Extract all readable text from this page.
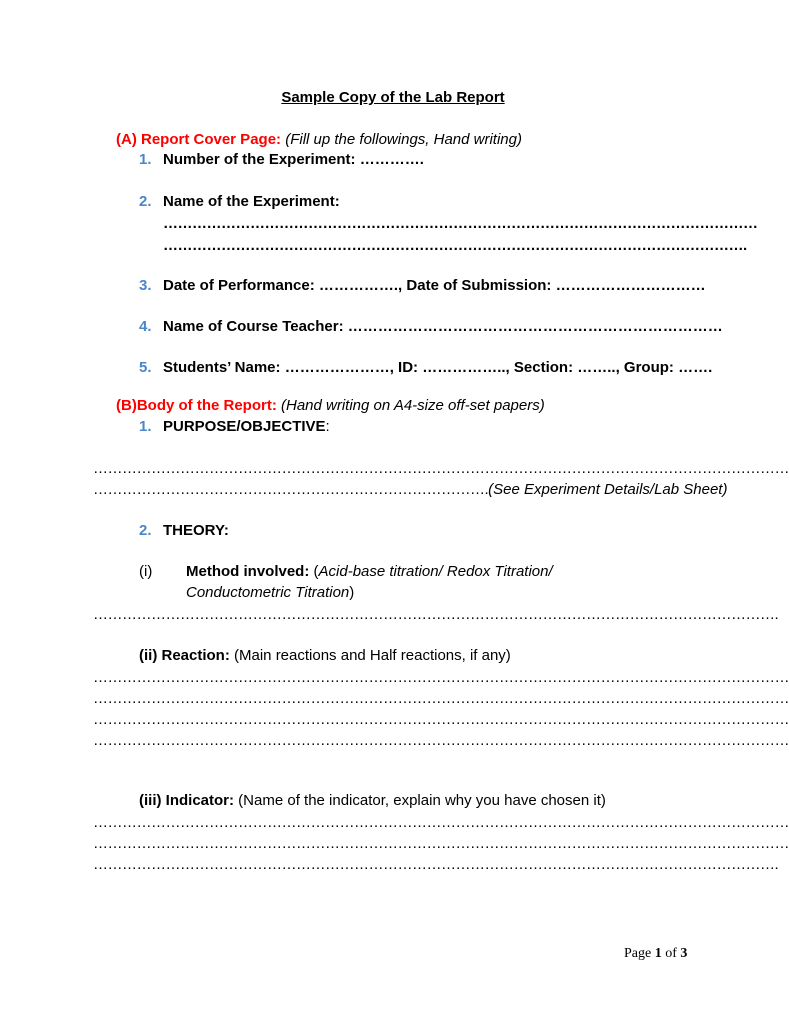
Sample Copy of the Lab Report
(A) Report Cover Page: (Fill up the followings, Hand writing)
1. Number of the Experiment: ………….
2. Name of the Experiment:
……………………………………………………………………………………………………………
………………………………………………………………………………………………………….
3. Date of Performance: ……………., Date of Submission: …………………………
4. Name of Course Teacher: …………………………………………………………………
5. Students’ Name: …………………, ID: …………….., Section: …….., Group: …….
(B)Body of the Report: (Hand writing on A4-size off-set papers)
1. PURPOSE/OBJECTIVE:
………………………………………………………………………………………………………………………………
……………………………………………………………………….(See Experiment Details/Lab Sheet)
2. THEORY:
(i) Method involved: (Acid-base titration/ Redox Titration/
Conductometric Titration)
…………………………………………………………………………………………………………………………….
(ii) Reaction: (Main reactions and Half reactions, if any)
………………………………………………………………………………………………………………………………
………………………………………………………………………………………………………………………………
………………………………………………………………………………………………………………………………
………………………………………………………………………………………………………………………………
(iii) Indicator: (Name of the indicator, explain why you have chosen it)
………………………………………………………………………………………………………………………………
………………………………………………………………………………………………………………………………
…………………………………………………………………………………………………………………………….
Page 1 of 3
